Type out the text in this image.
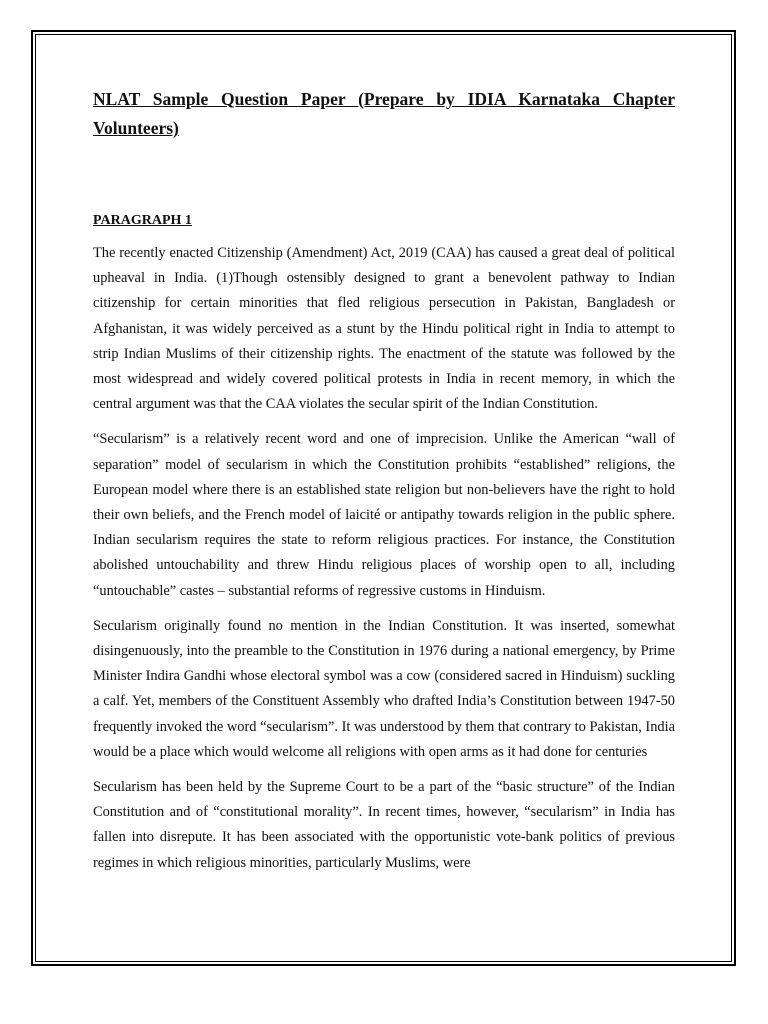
NLAT Sample Question Paper (Prepare by IDIA Karnataka Chapter
Volunteers)
PARAGRAPH 1

The recently enacted Citizenship (Amendment) Act, 2019 (CAA) has caused a great deal of political upheaval in India. (1)Though ostensibly designed to grant a benevolent pathway to Indian citizenship for certain minorities that fled religious persecution in Pakistan, Bangladesh or Afghanistan, it was widely perceived as a stunt by the Hindu political right in India to attempt to strip Indian Muslims of their citizenship rights. The enactment of the statute was followed by the most widespread and widely covered political protests in India in recent memory, in which the central argument was that the CAA violates the secular spirit of the Indian Constitution.

“Secularism” is a relatively recent word and one of imprecision. Unlike the American “wall of separation” model of secularism in which the Constitution prohibits “established” religions, the European model where there is an established state religion but non-believers have the right to hold their own beliefs, and the French model of laicité or antipathy towards religion in the public sphere. Indian secularism requires the state to reform religious practices. For instance, the Constitution abolished untouchability and threw Hindu religious places of worship open to all, including “untouchable” castes – substantial reforms of regressive customs in Hinduism.

Secularism originally found no mention in the Indian Constitution. It was inserted, somewhat disingenuously, into the preamble to the Constitution in 1976 during a national emergency, by Prime Minister Indira Gandhi whose electoral symbol was a cow (considered sacred in Hinduism) suckling a calf. Yet, members of the Constituent Assembly who drafted India’s Constitution between 1947-50 frequently invoked the word “secularism”. It was understood by them that contrary to Pakistan, India would be a place which would welcome all religions with open arms as it had done for centuries

Secularism has been held by the Supreme Court to be a part of the “basic structure” of the Indian Constitution and of “constitutional morality”. In recent times, however, “secularism” in India has fallen into disrepute. It has been associated with the opportunistic vote-bank politics of previous regimes in which religious minorities, particularly Muslims, were
